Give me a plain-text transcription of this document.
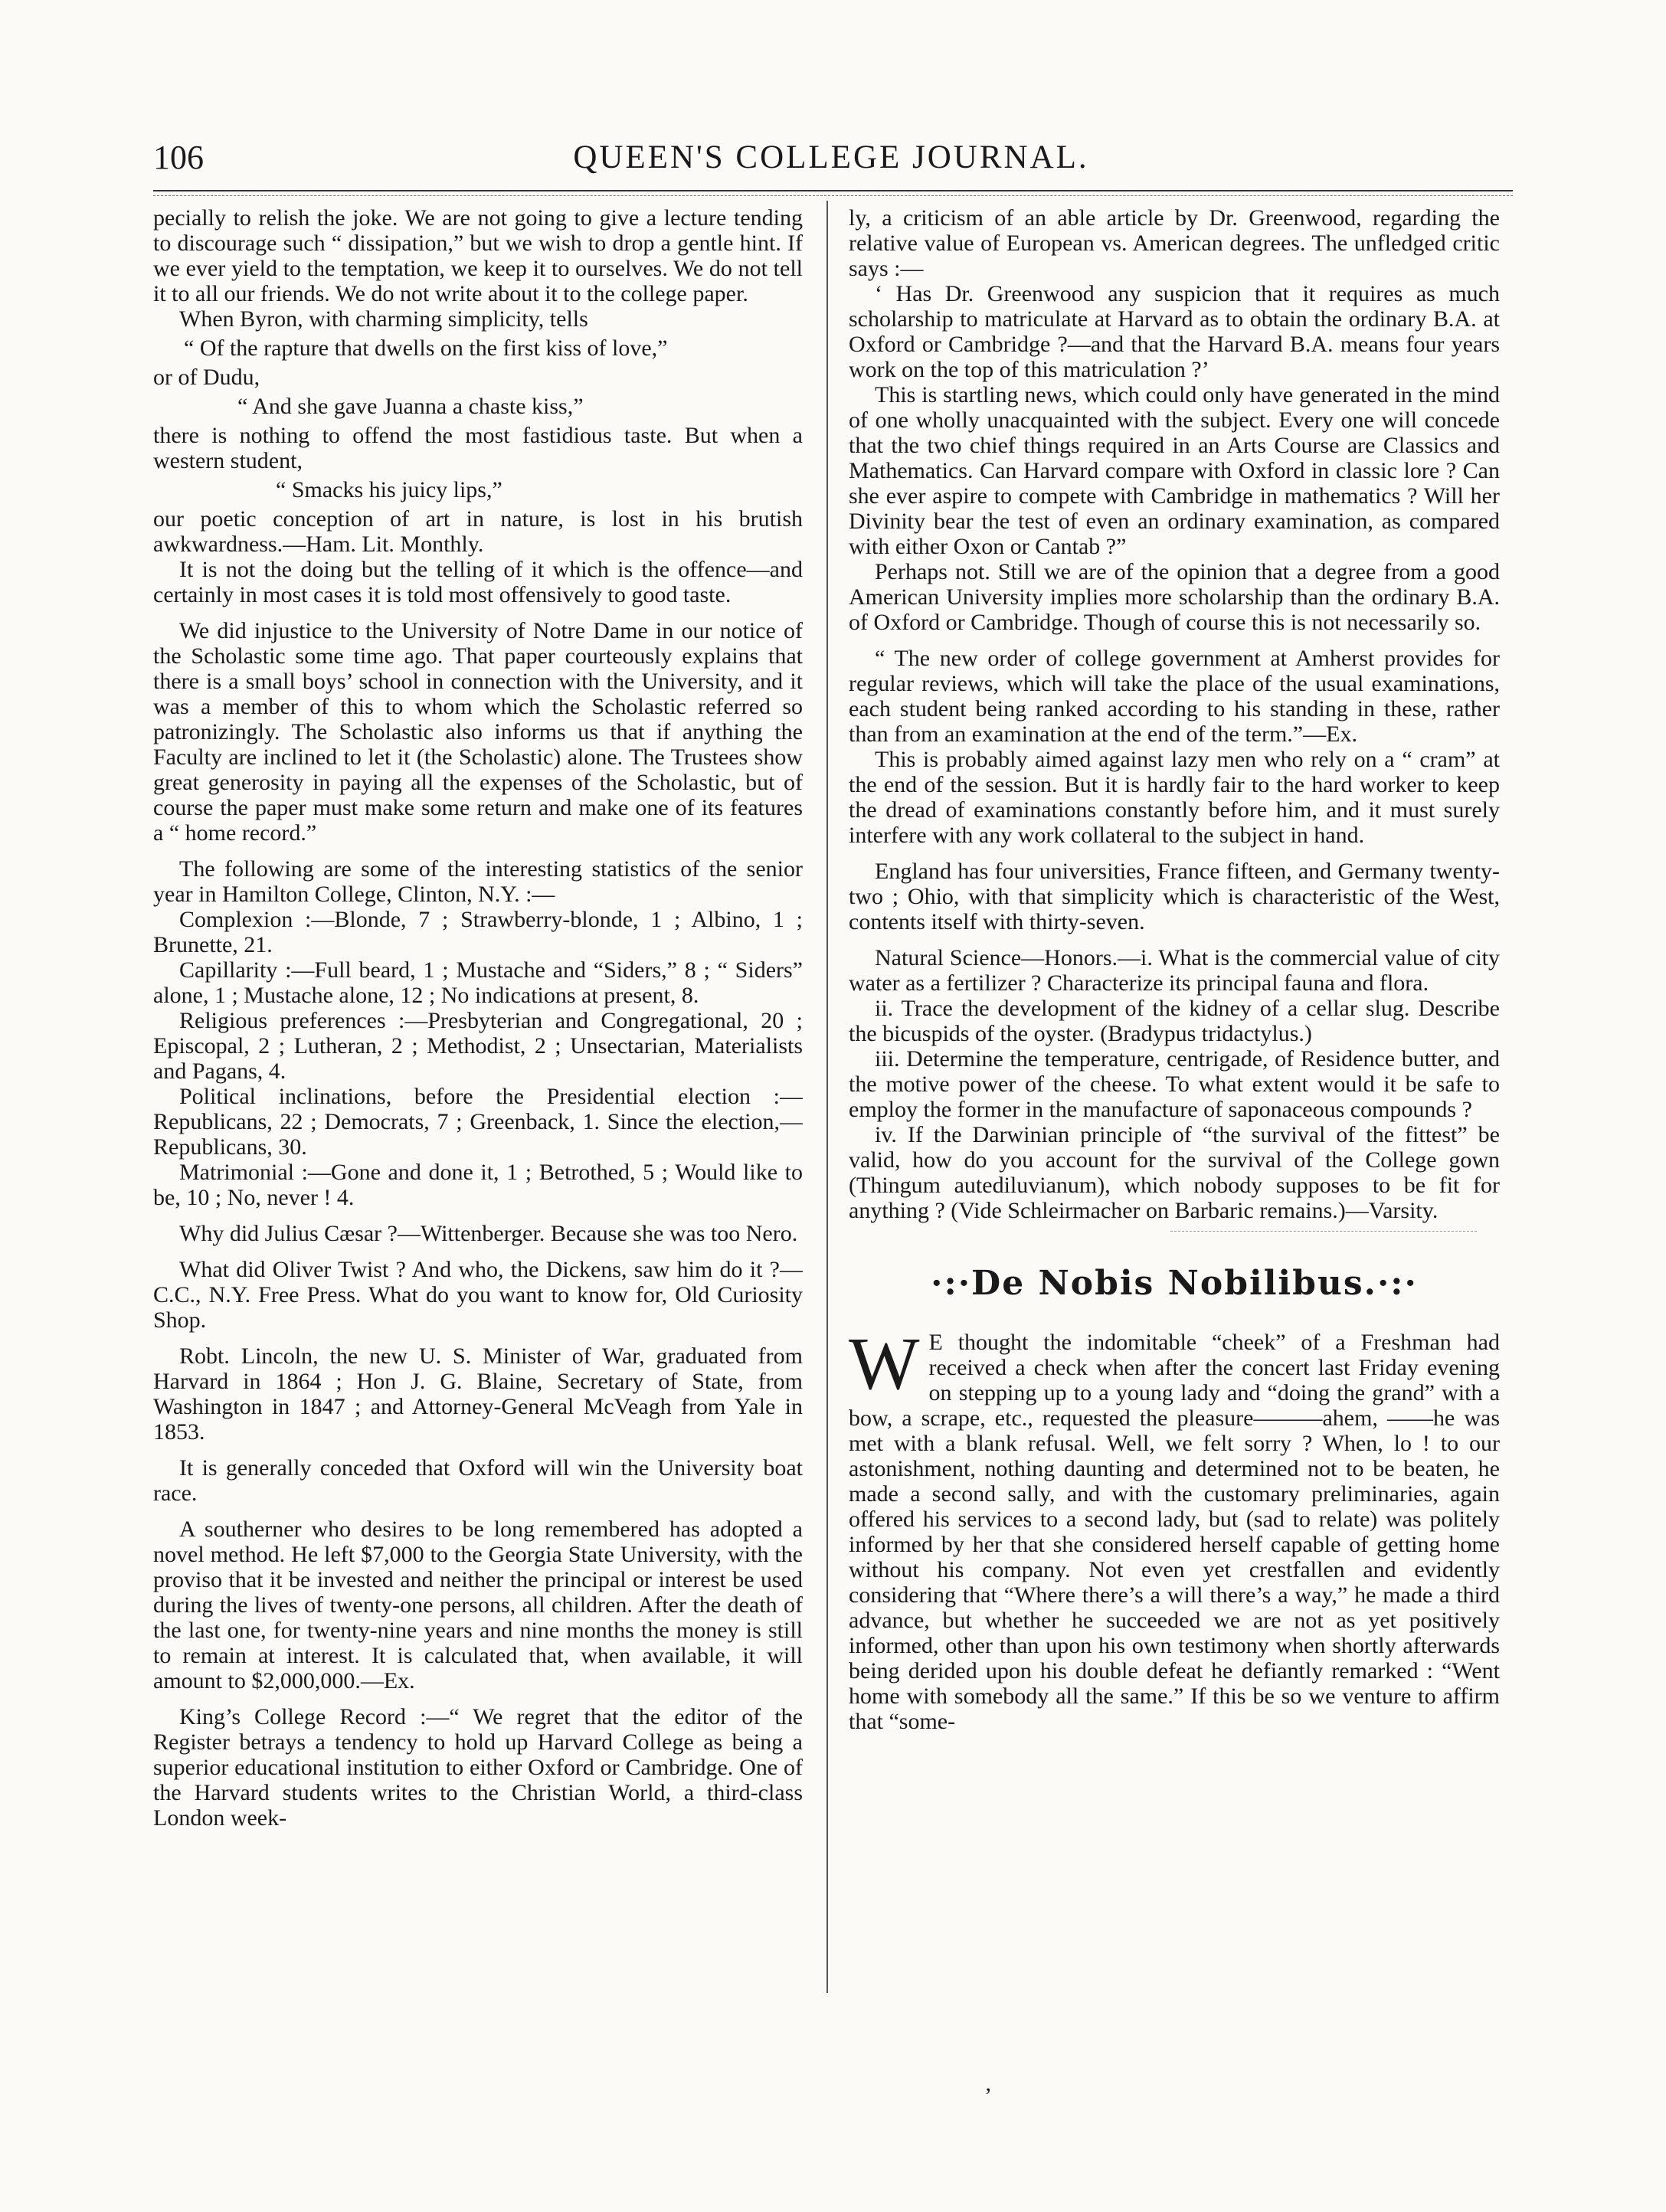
106	QUEEN'S COLLEGE JOURNAL.

pecially to relish the joke. We are not going to give a lecture tending to discourage such “ dissipation,” but we wish to drop a gentle hint. If we ever yield to the temptation, we keep it to ourselves. We do not tell it to all our friends. We do not write about it to the college paper.

When Byron, with charming simplicity, tells

“ Of the rapture that dwells on the first kiss of love,”

or of Dudu,

“ And she gave Juanna a chaste kiss,”

there is nothing to offend the most fastidious taste. But when a western student,

“ Smacks his juicy lips,”

our poetic conception of art in nature, is lost in his brutish awkwardness.—Ham. Lit. Monthly.

It is not the doing but the telling of it which is the offence—and certainly in most cases it is told most offensively to good taste.

We did injustice to the University of Notre Dame in our notice of the Scholastic some time ago. That paper courteously explains that there is a small boys’ school in connection with the University, and it was a member of this to whom which the Scholastic referred so patronizingly. The Scholastic also informs us that if anything the Faculty are inclined to let it (the Scholastic) alone. The Trustees show great generosity in paying all the expenses of the Scholastic, but of course the paper must make some return and make one of its features a “ home record.”

The following are some of the interesting statistics of the senior year in Hamilton College, Clinton, N.Y. :—

Complexion :—Blonde, 7 ; Strawberry-blonde, 1 ; Albino, 1 ; Brunette, 21.

Capillarity :—Full beard, 1 ; Mustache and “Siders,” 8 ; “ Siders” alone, 1 ; Mustache alone, 12 ; No indications at present, 8.

Religious preferences :—Presbyterian and Congregational, 20 ; Episcopal, 2 ; Lutheran, 2 ; Methodist, 2 ; Unsectarian, Materialists and Pagans, 4.

Political inclinations, before the Presidential election :— Republicans, 22 ; Democrats, 7 ; Greenback, 1. Since the election,—Republicans, 30.

Matrimonial :—Gone and done it, 1 ; Betrothed, 5 ; Would like to be, 10 ; No, never ! 4.

Why did Julius Cæsar ?—Wittenberger. Because she was too Nero.

What did Oliver Twist ? And who, the Dickens, saw him do it ?—C.C., N.Y. Free Press. What do you want to know for, Old Curiosity Shop.

Robt. Lincoln, the new U. S. Minister of War, graduated from Harvard in 1864 ; Hon J. G. Blaine, Secretary of State, from Washington in 1847 ; and Attorney-General McVeagh from Yale in 1853.

It is generally conceded that Oxford will win the University boat race.

A southerner who desires to be long remembered has adopted a novel method. He left $7,000 to the Georgia State University, with the proviso that it be invested and neither the principal or interest be used during the lives of twenty-one persons, all children. After the death of the last one, for twenty-nine years and nine months the money is still to remain at interest. It is calculated that, when available, it will amount to $2,000,000.—Ex.

King’s College Record :—“ We regret that the editor of the Register betrays a tendency to hold up Harvard College as being a superior educational institution to either Oxford or Cambridge. One of the Harvard students writes to the Christian World, a third-class London week-

ly, a criticism of an able article by Dr. Greenwood, regarding the relative value of European vs. American degrees. The unfledged critic says :—

‘ Has Dr. Greenwood any suspicion that it requires as much scholarship to matriculate at Harvard as to obtain the ordinary B.A. at Oxford or Cambridge ?—and that the Harvard B.A. means four years work on the top of this matriculation ?’

This is startling news, which could only have generated in the mind of one wholly unacquainted with the subject. Every one will concede that the two chief things required in an Arts Course are Classics and Mathematics. Can Harvard compare with Oxford in classic lore ? Can she ever aspire to compete with Cambridge in mathematics ? Will her Divinity bear the test of even an ordinary examination, as compared with either Oxon or Cantab ?”

Perhaps not. Still we are of the opinion that a degree from a good American University implies more scholarship than the ordinary B.A. of Oxford or Cambridge. Though of course this is not necessarily so.

“ The new order of college government at Amherst provides for regular reviews, which will take the place of the usual examinations, each student being ranked according to his standing in these, rather than from an examination at the end of the term.”—Ex.

This is probably aimed against lazy men who rely on a “ cram” at the end of the session. But it is hardly fair to the hard worker to keep the dread of examinations constantly before him, and it must surely interfere with any work collateral to the subject in hand.

England has four universities, France fifteen, and Germany twenty-two ; Ohio, with that simplicity which is characteristic of the West, contents itself with thirty-seven.

Natural Science—Honors.—i. What is the commercial value of city water as a fertilizer ? Characterize its principal fauna and flora.

ii. Trace the development of the kidney of a cellar slug. Describe the bicuspids of the oyster. (Bradypus tridactylus.)

iii. Determine the temperature, centrigade, of Residence butter, and the motive power of the cheese. To what extent would it be safe to employ the former in the manufacture of saponaceous compounds ?

iv. If the Darwinian principle of “the survival of the fittest” be valid, how do you account for the survival of the College gown (Thingum autediluvianum), which nobody supposes to be fit for anything ? (Vide Schleirmacher on Barbaric remains.)—Varsity.

·:·De Nobis Nobilibus.·:·
W E thought the indomitable “cheek” of a Freshman had received a check when after the concert last Friday evening on stepping up to a young lady and “doing the grand” with a bow, a scrape, etc., requested the pleasure———ahem, ——he was met with a blank refusal. Well, we felt sorry ? When, lo ! to our astonishment, nothing daunting and determined not to be beaten, he made a second sally, and with the customary preliminaries, again offered his services to a second lady, but (sad to relate) was politely informed by her that she considered herself capable of getting home without his company. Not even yet crestfallen and evidently considering that “Where there’s a will there’s a way,” he made a third advance, but whether he succeeded we are not as yet positively informed, other than upon his own testimony when shortly afterwards being derided upon his double defeat he defiantly remarked : “Went home with somebody all the same.” If this be so we venture to affirm that “some-
’
